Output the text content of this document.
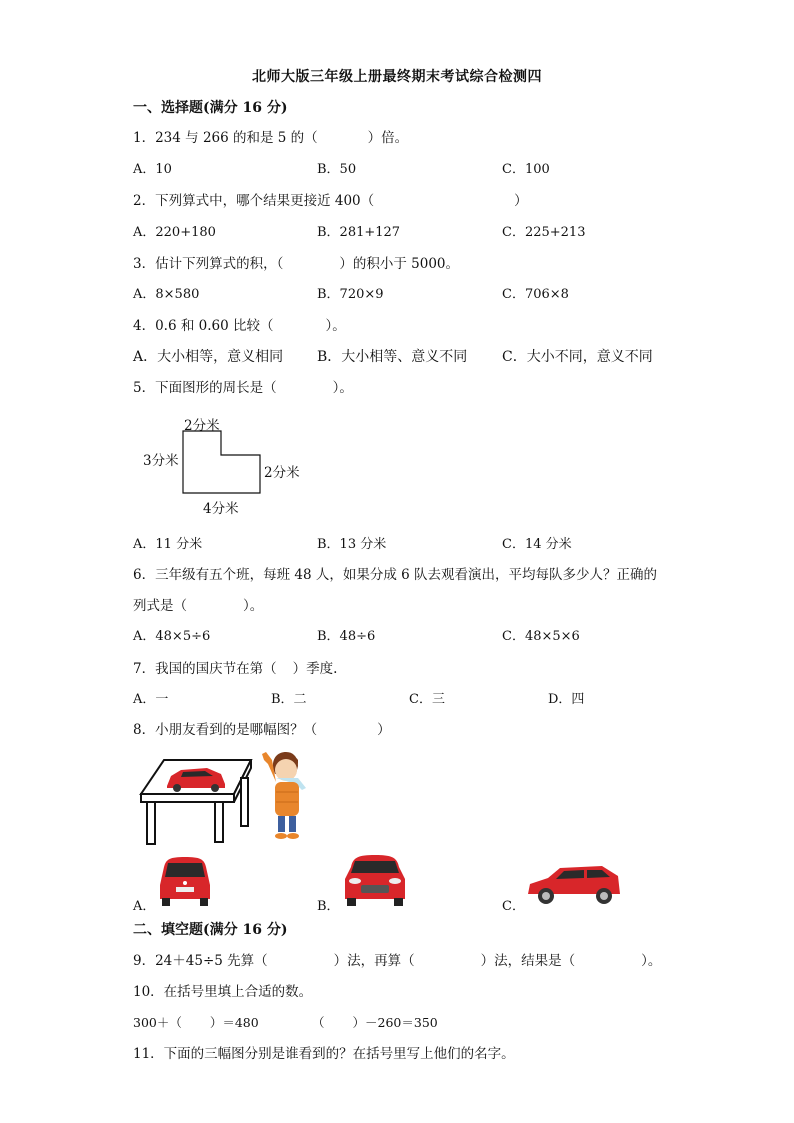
北师大版三年级上册最终期末考试综合检测四
一、选择题(满分 16 分)
1．234 与 266 的和是 5 的（	）倍。
A．10	B．50	C．100
2．下列算式中，哪个结果更接近 400（	）
A．220+180	B．281+127	C．225+213
3．估计下列算式的积，（	）的积小于 5000。
A．8×580	B．720×9	C．706×8
4．0.6 和 0.60 比较（	）。
A．大小相等，意义相同 B．大小相等、意义不同 C．大小不同，意义不同
5．下面图形的周长是（	）。
2分米
3分米
2分米
4分米
A．11 分米	B．13 分米	C．14 分米
6．三年级有五个班，每班 48 人，如果分成 6 队去观看演出，平均每队多少人？正确的
列式是（	）。
A．48×5÷6	B．48÷6	C．48×5×6
7．我国的国庆节在第（ ）季度.
A．一	B．二	C．三	D．四
8．小朋友看到的是哪幅图？（	）
A．	B．	C．
二、填空题(满分 16 分)
9．24＋45÷5 先算（	）法，再算（	）法，结果是（	）。
10．在括号里填上合适的数。
300＋（ ）＝480	（ ）－260＝350
11．下面的三幅图分别是谁看到的？在括号里写上他们的名字。
